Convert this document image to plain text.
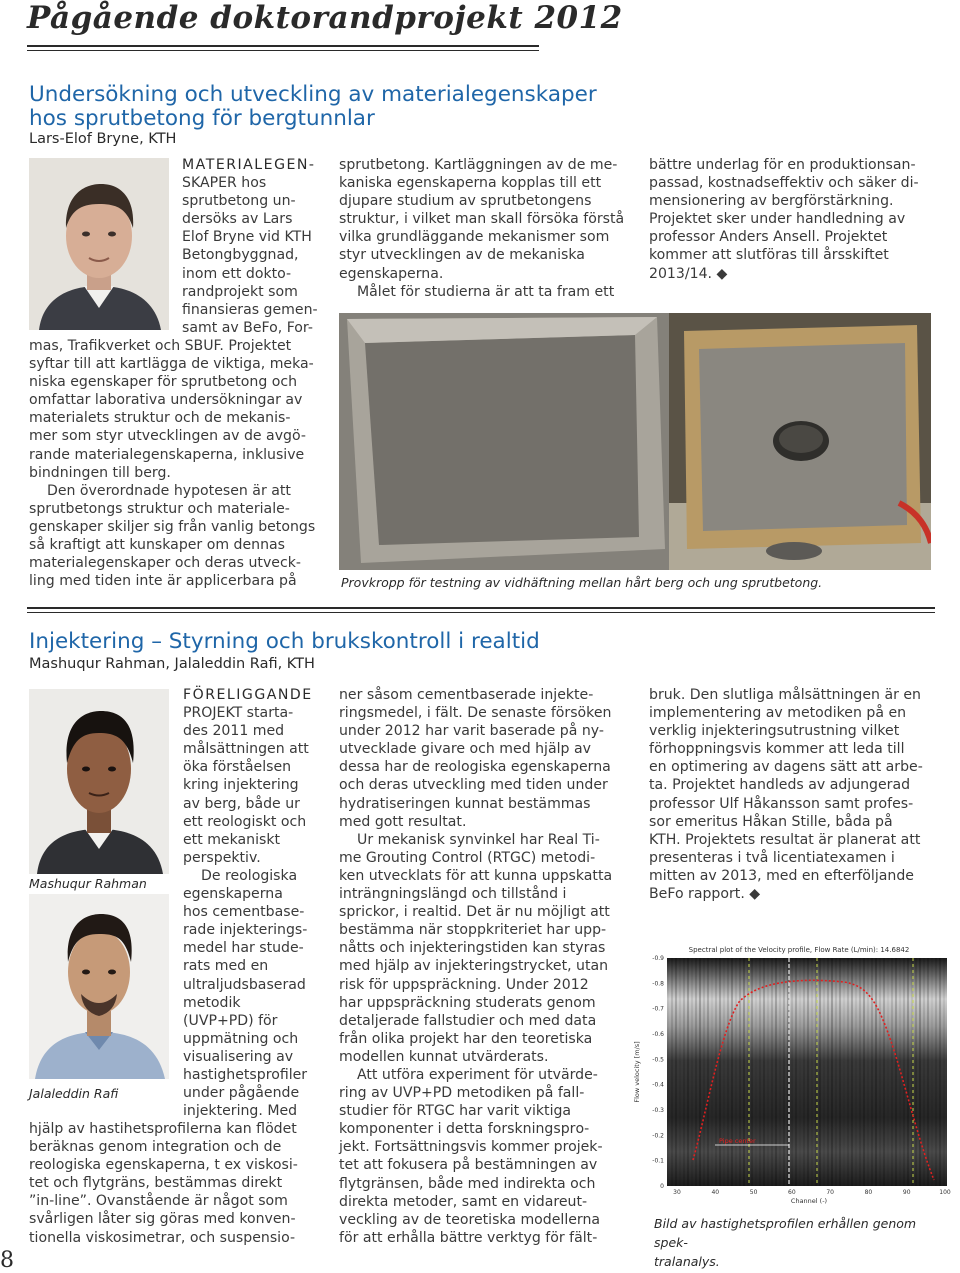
Pågående doktorandprojekt 2012
Undersökning och utveckling av materialegenskaper
hos sprutbetong för bergtunnlar
Lars-Elof Bryne, KTH

MATERIALEGEN-

SKAPER hos

sprutbetong un-

dersöks av Lars

Elof Bryne vid KTH

Betongbyggnad,

inom ett dokto-

randprojekt som

finansieras gemen-

samt av BeFo, For-

mas, Trafikverket och SBUF. Projektet

syftar till att kartlägga de viktiga, meka-

niska egenskaper för sprutbetong och

omfattar laborativa undersökningar av

materialets struktur och de mekanis-

mer som styr utvecklingen av de avgö-

rande materialegenskaperna, inklusive

bindningen till berg.

Den överordnade hypotesen är att

sprutbetongs struktur och materiale-

genskaper skiljer sig från vanlig betongs

så kraftigt att kunskaper om dennas

materialegenskaper och deras utveck-

ling med tiden inte är applicerbara på

sprutbetong. Kartläggningen av de me-

kaniska egenskaperna kopplas till ett

djupare studium av sprutbetongens

struktur, i vilket man skall försöka förstå

vilka grundläggande mekanismer som

styr utvecklingen av de mekaniska

egenskaperna.

Målet för studierna är att ta fram ett

bättre underlag för en produktionsan-

passad, kostnadseffektiv och säker di-

mensionering av bergförstärkning.

Projektet sker under handledning av

professor Anders Ansell. Projektet

kommer att slutföras till årsskiftet

2013/14. ◆

Provkropp för testning av vidhäftning mellan hårt berg och ung sprutbetong.
Injektering – Styrning och brukskontroll i realtid
Mashuqur Rahman, Jalaleddin Rafi, KTH
Mashuqur Rahman
Jalaleddin Rafi

FÖRELIGGANDE

PROJEKT starta-

des 2011 med

målsättningen att

öka förståelsen

kring injektering

av berg, både ur

ett reologiskt och

ett mekaniskt

perspektiv.

De reologiska

egenskaperna

hos cementbase-

rade injekterings-

medel har stude-

rats med en

ultraljudsbaserad

metodik

(UVP+PD) för

uppmätning och

visualisering av

hastighetsprofiler

under pågående

injektering. Med

hjälp av hastihetsprofilerna kan flödet

beräknas genom integration och de

reologiska egenskaperna, t ex viskosi-

tet och flytgräns, bestämmas direkt

”in-line”. Ovanstående är något som

svårligen låter sig göras med konven-

tionella viskosimetrar, och suspensio-

ner såsom cementbaserade injekte-

ringsmedel, i fält. De senaste försöken

under 2012 har varit baserade på ny-

utvecklade givare och med hjälp av

dessa har de reologiska egenskaperna

och deras utveckling med tiden under

hydratiseringen kunnat bestämmas

med gott resultat.

Ur mekanisk synvinkel har Real Ti-

me Grouting Control (RTGC) metodi-

ken utvecklats för att kunna uppskatta

inträngningslängd och tillstånd i

sprickor, i realtid. Det är nu möjligt att

bestämma när stoppkriteriet har upp-

nåtts och injekteringstiden kan styras

med hjälp av injekteringstrycket, utan

risk för uppspräckning. Under 2012

har uppspräckning studerats genom

detaljerade fallstudier och med data

från olika projekt har den teoretiska

modellen kunnat utvärderats.

Att utföra experiment för utvärde-

ring av UVP+PD metodiken på fall-

studier för RTGC har varit viktiga

komponenter i detta forskningsprо-

jekt. Fortsättningsvis kommer projek-

tet att fokusera på bestämningen av

flytgränsen, både med indirekta och

direkta metoder, samt en vidareut-

veckling av de teoretiska modellerna

för att erhålla bättre verktyg för fält-

bruk. Den slutliga målsättningen är en

implementering av metodiken på en

verklig injekteringsutrustning vilket

förhoppningsvis kommer att leda till

en optimering av dagens sätt att arbe-

ta. Projektet handleds av adjungerad

professor Ulf Håkansson samt profes-

sor emeritus Håkan Stille, båda på

KTH. Projektets resultat är planerat att

presenteras i två licentiatexamen i

mitten av 2013, med en efterföljande

BeFo rapport. ◆

Spectral plot of the Velocity profile, Flow Rate (L/min): 14.6842
Pipe center
-0.9
-0.8
-0.7
-0.6
-0.5
-0.4
-0.3
-0.2
-0.1
0
30	40	50	60	70	80	90	100
Flow velocity [m/s]
Channel (-)
Bild av hastighetsprofilen erhållen genom spek-
tralanalys.
8
